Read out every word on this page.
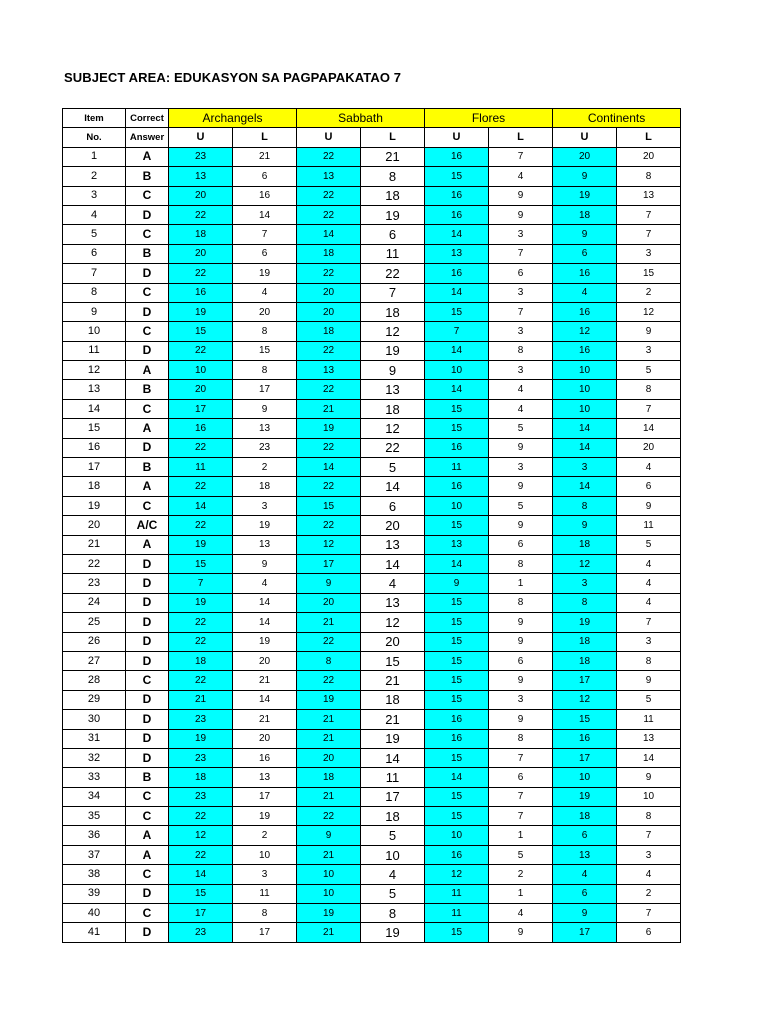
SUBJECT AREA: EDUKASYON SA PAGPAPAKATAO 7
Item	Correct	Archangels		Sabbath		Flores		Continents	
No.	Answer	U	L	U	L	U	L	U	L
1	A	23	21	22	21	16	7	20	20
2	B	13	6	13	8	15	4	9	8
3	C	20	16	22	18	16	9	19	13
4	D	22	14	22	19	16	9	18	7
5	C	18	7	14	6	14	3	9	7
6	B	20	6	18	11	13	7	6	3
7	D	22	19	22	22	16	6	16	15
8	C	16	4	20	7	14	3	4	2
9	D	19	20	20	18	15	7	16	12
10	C	15	8	18	12	7	3	12	9
11	D	22	15	22	19	14	8	16	3
12	A	10	8	13	9	10	3	10	5
13	B	20	17	22	13	14	4	10	8
14	C	17	9	21	18	15	4	10	7
15	A	16	13	19	12	15	5	14	14
16	D	22	23	22	22	16	9	14	20
17	B	11	2	14	5	11	3	3	4
18	A	22	18	22	14	16	9	14	6
19	C	14	3	15	6	10	5	8	9
20	A/C	22	19	22	20	15	9	9	11
21	A	19	13	12	13	13	6	18	5
22	D	15	9	17	14	14	8	12	4
23	D	7	4	9	4	9	1	3	4
24	D	19	14	20	13	15	8	8	4
25	D	22	14	21	12	15	9	19	7
26	D	22	19	22	20	15	9	18	3
27	D	18	20	8	15	15	6	18	8
28	C	22	21	22	21	15	9	17	9
29	D	21	14	19	18	15	3	12	5
30	D	23	21	21	21	16	9	15	11
31	D	19	20	21	19	16	8	16	13
32	D	23	16	20	14	15	7	17	14
33	B	18	13	18	11	14	6	10	9
34	C	23	17	21	17	15	7	19	10
35	C	22	19	22	18	15	7	18	8
36	A	12	2	9	5	10	1	6	7
37	A	22	10	21	10	16	5	13	3
38	C	14	3	10	4	12	2	4	4
39	D	15	11	10	5	11	1	6	2
40	C	17	8	19	8	11	4	9	7
41	D	23	17	21	19	15	9	17	6
